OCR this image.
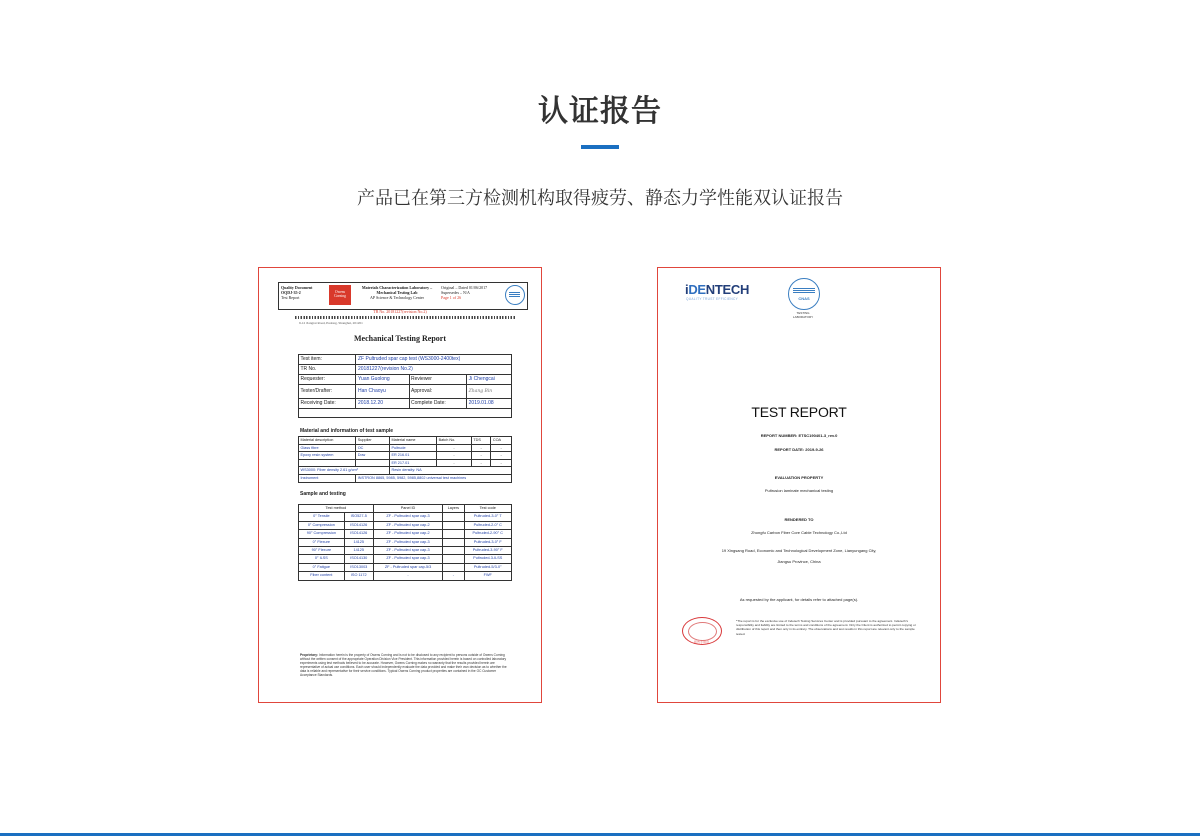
认证报告

产品已在第三方检测机构取得疲劳、静态力学性能双认证报告

Quality Document
OQDJ-35-2
Test Report
Owens
Corning
Materials Characterization Laboratory –
Mechanical Testing Lab
AP Science & Technology Center
Original – Dated 01/06/2017
Supersedes – N/A
Page 1 of 26
TR No. 20181227(revision No.2)
9-12 Jiangtai Road, Pudong, Shanghai, 201201
Mechanical Testing Report
Test item:	ZF Pultruded spar cap test (WS3000-2400tex)		
TR No.	20181227(revision No.2)		
Requester:	Yuan Guolong	Reviewer	Ji Chengcai
Tester/Drafter:	Han Chaoyu	Approval:	Zhang Bin
Receiving Date:	2018.12.20	Complete Date:	2019.01.08

Material and information of test sample
Material description	Supplier	Material name	Batch No.	TDS	COA
Glass fibre	OC	Pultrude	-	-	-
Epoxy resin system	Dow	ER 216.01	-	-	-
		ER 217.01	-	-	-
WS3000: Fiber density 2.61 g/cm³		Resin density: NA			
Instrument	INSTRON 8865, 5985, 5982, 5985,8802 universal test machines				
Sample and testing
Test method		Panel ID	Layers	Test code
0° Tensile	ISO527-5	ZF - Pultruded spar cap-3		Pultruded-3-0° T
0° Compression	ISO14126	ZF - Pultruded spar cap-2		Pultruded-2-0° C
90° Compression	ISO14126	ZF - Pultruded spar cap-2		Pultruded-2-90° C
0° Flexure	14125	ZF - Pultruded spar cap-3		Pultruded-3-0° F
90° Flexure	14125	ZF - Pultruded spar cap-3		Pultruded-3-90° F
0° ILSS	ISO14130	ZF - Pultruded spar cap-3		Pultruded-3-ILSS
0° Fatigue	ISO13003	ZF - Pultruded spar cap-5/3		Pultruded-5/3-0°
Fiber content	ISO 1172	-	-	FWF
Proprietary: Information herein is the property of Owens Corning and is not to be disclosed to any recipient to persons outside of Owens Corning without the written consent of the appropriate Operation Division Vice President. This information provided herein is based on controlled laboratory experiments using test methods believed to be accurate. However, Owens Corning makes no warranty that the results provided herein are representative of actual use conditions. Each user should independently evaluate the data provided and make their own decision as to whether the data is reliable and representative for their service conditions. Typical Owens Corning product properties are contained in the OC Customer Acceptance Standards.
iDENTECH
QUALITY TRUST EFFICIENCY	CNAS
TESTING
LABORATORY
TEST REPORT
REPORT NUMBER: ETSC190401-3_rev.0
REPORT DATE: 2019-9-26
EVALUATION PROPERTY
Pultrusion laminate mechanical testing
RENDERED TO
Zhongfu Carbon Fiber Core Cable Technology Co.,Ltd
19 Xingsang Road, Economic and Technological Development Zone, Lianyungang City,
Jiangsu Province, China
As requested by the applicant, for details refer to attached page(s).
报告专用章
*The report is for the exclusive use of Indetech Testing Services Center and is provided pursuant to the agreement. Indetech's responsibility and liability are limited to the terms and conditions of the agreement. Only the Client is authorized to permit copying or distribution of this report and then only in its entirety. The observations and test results in this report are relevant only to the sample tested.
